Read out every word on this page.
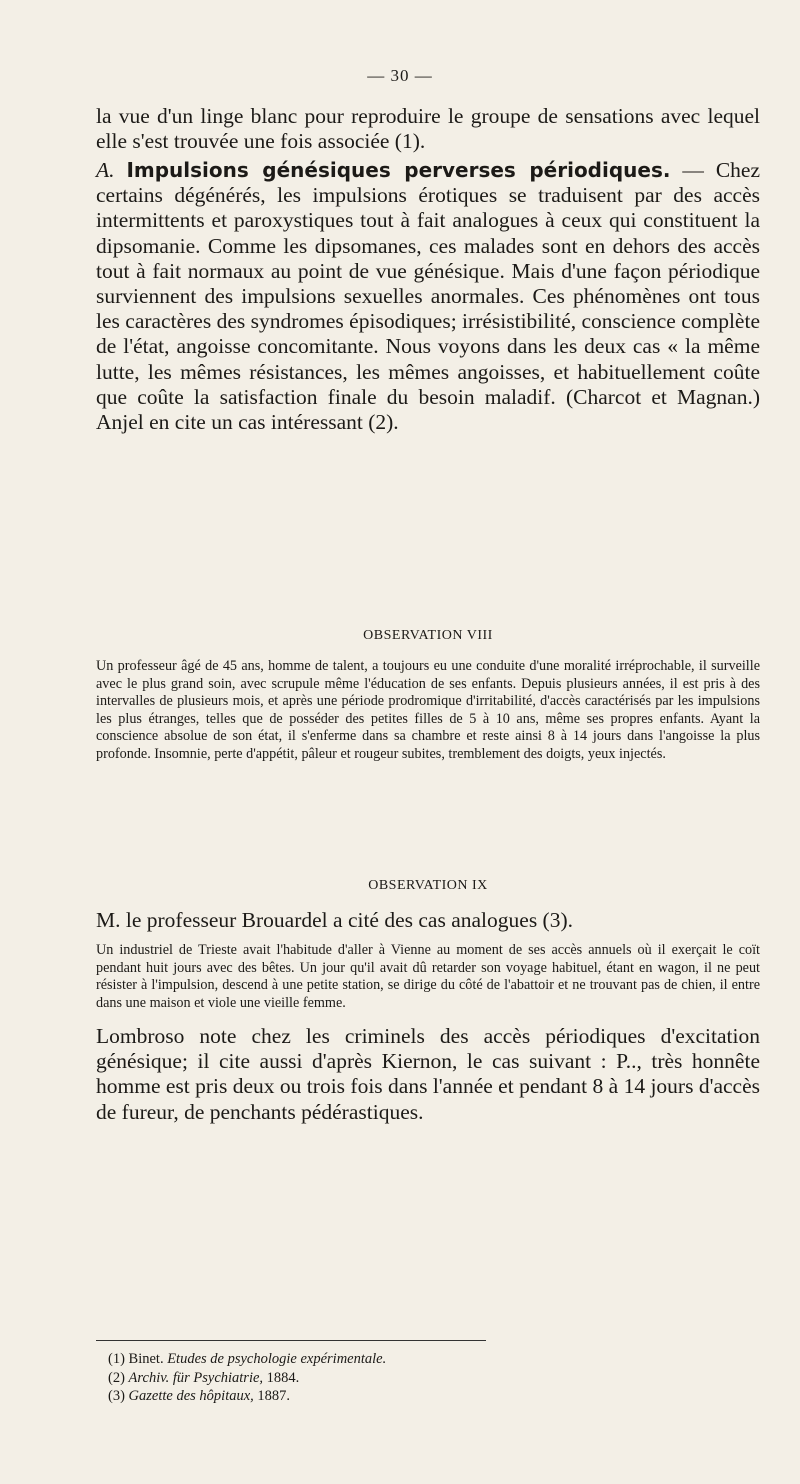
— 30 —

la vue d'un linge blanc pour reproduire le groupe de sensations avec lequel elle s'est trouvée une fois associée (1).

A. Impulsions génésiques perverses périodiques. — Chez certains dégénérés, les impulsions érotiques se traduisent par des accès intermittents et paroxystiques tout à fait analogues à ceux qui constituent la dipsomanie. Comme les dipsomanes, ces malades sont en dehors des accès tout à fait normaux au point de vue génésique. Mais d'une façon périodique surviennent des impulsions sexuelles anormales. Ces phénomènes ont tous les caractères des syndromes épisodiques; irrésistibilité, conscience complète de l'état, angoisse concomitante. Nous voyons dans les deux cas « la même lutte, les mêmes résistances, les mêmes angoisses, et habituellement coûte que coûte la satisfaction finale du besoin maladif. (Charcot et Magnan.) Anjel en cite un cas intéressant (2).

OBSERVATION VIII
Un professeur âgé de 45 ans, homme de talent, a toujours eu une conduite d'une moralité irréprochable, il surveille avec le plus grand soin, avec scrupule même l'éducation de ses enfants. Depuis plusieurs années, il est pris à des intervalles de plusieurs mois, et après une période prodromique d'irritabilité, d'accès caractérisés par les impulsions les plus étranges, telles que de posséder des petites filles de 5 à 10 ans, même ses propres enfants. Ayant la conscience absolue de son état, il s'enferme dans sa chambre et reste ainsi 8 à 14 jours dans l'angoisse la plus profonde. Insomnie, perte d'appétit, pâleur et rougeur subites, tremblement des doigts, yeux injectés.
OBSERVATION IX
M. le professeur Brouardel a cité des cas analogues (3).
Un industriel de Trieste avait l'habitude d'aller à Vienne au moment de ses accès annuels où il exerçait le coït pendant huit jours avec des bêtes. Un jour qu'il avait dû retarder son voyage habituel, étant en wagon, il ne peut résister à l'impulsion, descend à une petite station, se dirige du côté de l'abattoir et ne trouvant pas de chien, il entre dans une maison et viole une vieille femme.
Lombroso note chez les criminels des accès périodiques d'excitation génésique; il cite aussi d'après Kiernon, le cas suivant : P.., très honnête homme est pris deux ou trois fois dans l'année et pendant 8 à 14 jours d'accès de fureur, de penchants pédérastiques.

(1) Binet. Etudes de psychologie expérimentale.

(2) Archiv. für Psychiatrie, 1884.

(3) Gazette des hôpitaux, 1887.
